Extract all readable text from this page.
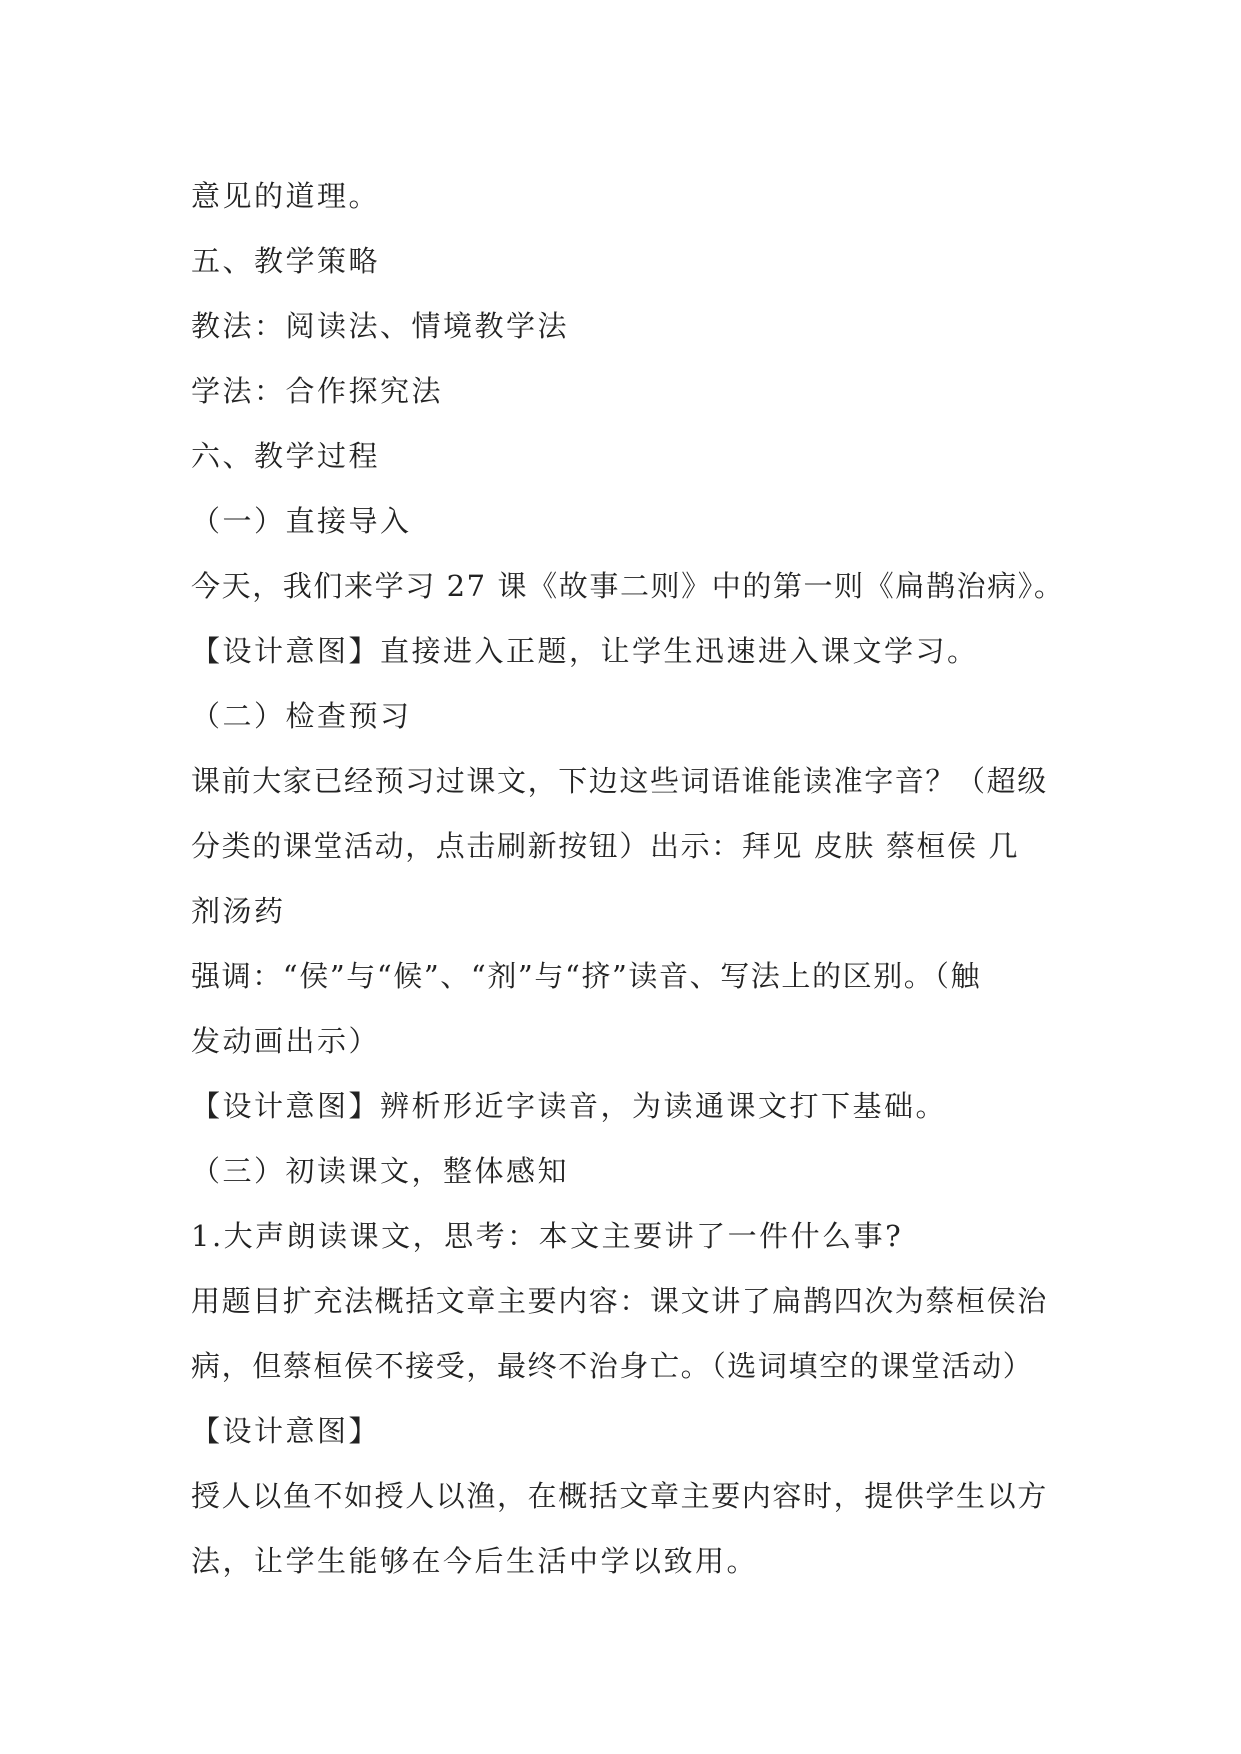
意见的道理。

五、教学策略

教法：阅读法、情境教学法

学法：合作探究法

六、教学过程

（一）直接导入

今天，我们来学习 27 课《故事二则》中的第一则《扁鹊治病》。

【设计意图】直接进入正题，让学生迅速进入课文学习。

（二）检查预习

课前大家已经预习过课文，下边这些词语谁能读准字音？（超级

分类的课堂活动，点击刷新按钮）出示：拜见 皮肤 蔡桓侯 几

剂汤药

强调：“侯”与“候”、“剂”与“挤”读音、写法上的区别。（触

发动画出示）

【设计意图】辨析形近字读音，为读通课文打下基础。

（三）初读课文，整体感知

1.大声朗读课文，思考：本文主要讲了一件什么事?

用题目扩充法概括文章主要内容：课文讲了扁鹊四次为蔡桓侯治

病，但蔡桓侯不接受，最终不治身亡。（选词填空的课堂活动）

【设计意图】

授人以鱼不如授人以渔，在概括文章主要内容时，提供学生以方

法，让学生能够在今后生活中学以致用。
